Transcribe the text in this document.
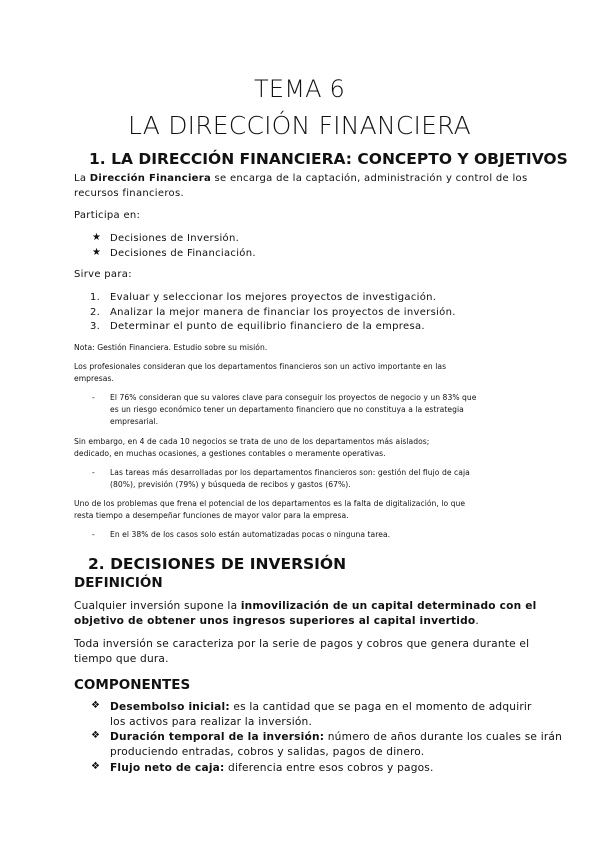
TEMA 6
LA DIRECCIÓN FINANCIERA
1. LA DIRECCIÓN FINANCIERA: CONCEPTO Y OBJETIVOS
La Dirección Financiera se encarga de la captación, administración y control de los
recursos financieros.
Participa en:
★ Decisiones de Inversión.
★ Decisiones de Financiación.
Sirve para:
1. Evaluar y seleccionar los mejores proyectos de investigación.
2. Analizar la mejor manera de financiar los proyectos de inversión.
3. Determinar el punto de equilibrio financiero de la empresa.
Nota: Gestión Financiera. Estudio sobre su misión.
Los profesionales consideran que los departamentos financieros son un activo importante en las
empresas.
- El 76% consideran que su valores clave para conseguir los proyectos de negocio y un 83% que
es un riesgo económico tener un departamento financiero que no constituya a la estrategia
empresarial.
Sin embargo, en 4 de cada 10 negocios se trata de uno de los departamentos más aislados;
dedicado, en muchas ocasiones, a gestiones contables o meramente operativas.
- Las tareas más desarrolladas por los departamentos financieros son: gestión del flujo de caja
(80%), previsión (79%) y búsqueda de recibos y gastos (67%).
Uno de los problemas que frena el potencial de los departamentos es la falta de digitalización, lo que
resta tiempo a desempeñar funciones de mayor valor para la empresa.
- En el 38% de los casos solo están automatizadas pocas o ninguna tarea.
2. DECISIONES DE INVERSIÓN
DEFINICIÓN
Cualquier inversión supone la inmovilización de un capital determinado con el
objetivo de obtener unos ingresos superiores al capital invertido.
Toda inversión se caracteriza por la serie de pagos y cobros que genera durante el
tiempo que dura.
COMPONENTES
❖ Desembolso inicial: es la cantidad que se paga en el momento de adquirir
los activos para realizar la inversión.
❖ Duración temporal de la inversión: número de años durante los cuales se irán
produciendo entradas, cobros y salidas, pagos de dinero.
❖ Flujo neto de caja: diferencia entre esos cobros y pagos.
